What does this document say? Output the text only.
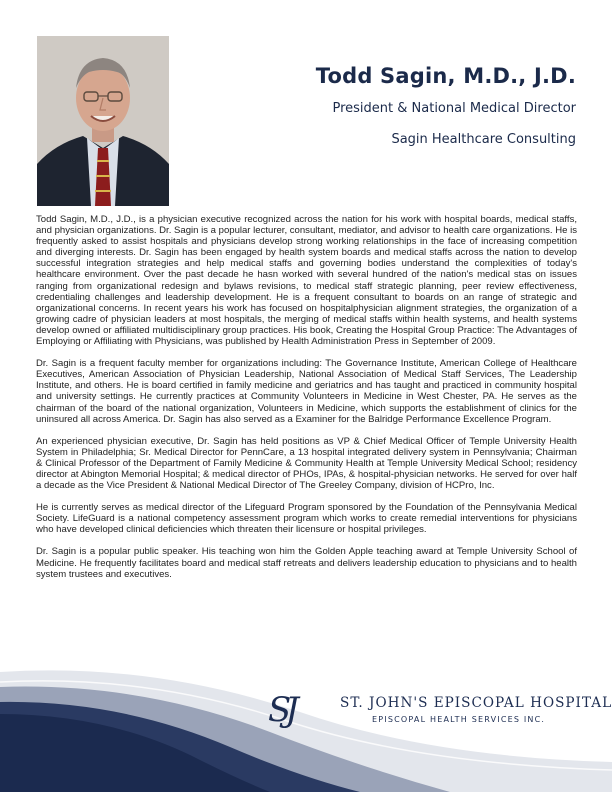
Todd Sagin, M.D., J.D.
President & National Medical Director
Sagin Healthcare Consulting

Todd Sagin, M.D., J.D., is a physician executive recognized across the nation for his work with hospital boards, medical staffs, and physician organizations. Dr. Sagin is a popular lecturer, consultant, mediator, and advisor to health care organizations. He is frequently asked to assist hospitals and physicians develop strong working relationships in the face of increasing competition and diverging interests. Dr. Sagin has been engaged by health system boards and medical staffs across the nation to develop successful integration strategies and help medical staffs and governing bodies understand the complexities of today's healthcare environment. Over the past decade he hasn worked with several hundred of the nation's medical stas on issues ranging from organizational redesign and bylaws revisions, to medical staff strategic planning, peer review effectiveness, credentialing challenges and leadership development. He is a frequent consultant to boards on an range of strategic and organizational concerns. In recent years his work has focused on hospitalphysician alignment strategies, the organization of a growing cadre of physician leaders at most hospitals, the merging of medical staffs within health systems, and health systems develop owned or affiliated multidisciplinary group practices. His book, Creating the Hospital Group Practice: The Advantages of Employing or Affiliating with Physicians, was published by Health Administration Press in September of 2009.

Dr. Sagin is a frequent faculty member for organizations including: The Governance Institute, American College of Healthcare Executives, American Association of Physician Leadership, National Association of Medical Staff Services, The Leadership Institute, and others. He is board certified in family medicine and geriatrics and has taught and practiced in community hospital and university settings. He currently practices at Community Volunteers in Medicine in West Chester, PA. He serves as the chairman of the board of the national organization, Volunteers in Medicine, which supports the establishment of clinics for the uninsured all across America. Dr. Sagin has also served as a Examiner for the Balridge Performance Excellence Program.

An experienced physician executive, Dr. Sagin has held positions as VP & Chief Medical Officer of Temple University Health System in Philadelphia; Sr. Medical Director for PennCare, a 13 hospital integrated delivery system in Pennsylvania; Chairman & Clinical Professor of the Department of Family Medicine & Community Health at Temple University Medical School; residency director at Abington Memorial Hospital; & medical director of PHOs, IPAs, & hospital-physician networks. He served for over half a decade as the Vice President & National Medical Director of The Greeley Company, division of HCPro, Inc.

He is currently serves as medical director of the Lifeguard Program sponsored by the Foundation of the Pennsylvania Medical Society. LifeGuard is a national competency assessment program which works to create remedial interventions for physicians who have developed clinical deficiencies which threaten their licensure or hospital privileges.

Dr. Sagin is a popular public speaker. His teaching won him the Golden Apple teaching award at Temple University School of Medicine. He frequently facilitates board and medical staff retreats and delivers leadership education to physicians and to health system trustees and executives.

SJ	ST. JOHN'S EPISCOPAL HOSPITAL
EPISCOPAL HEALTH SERVICES INC.
